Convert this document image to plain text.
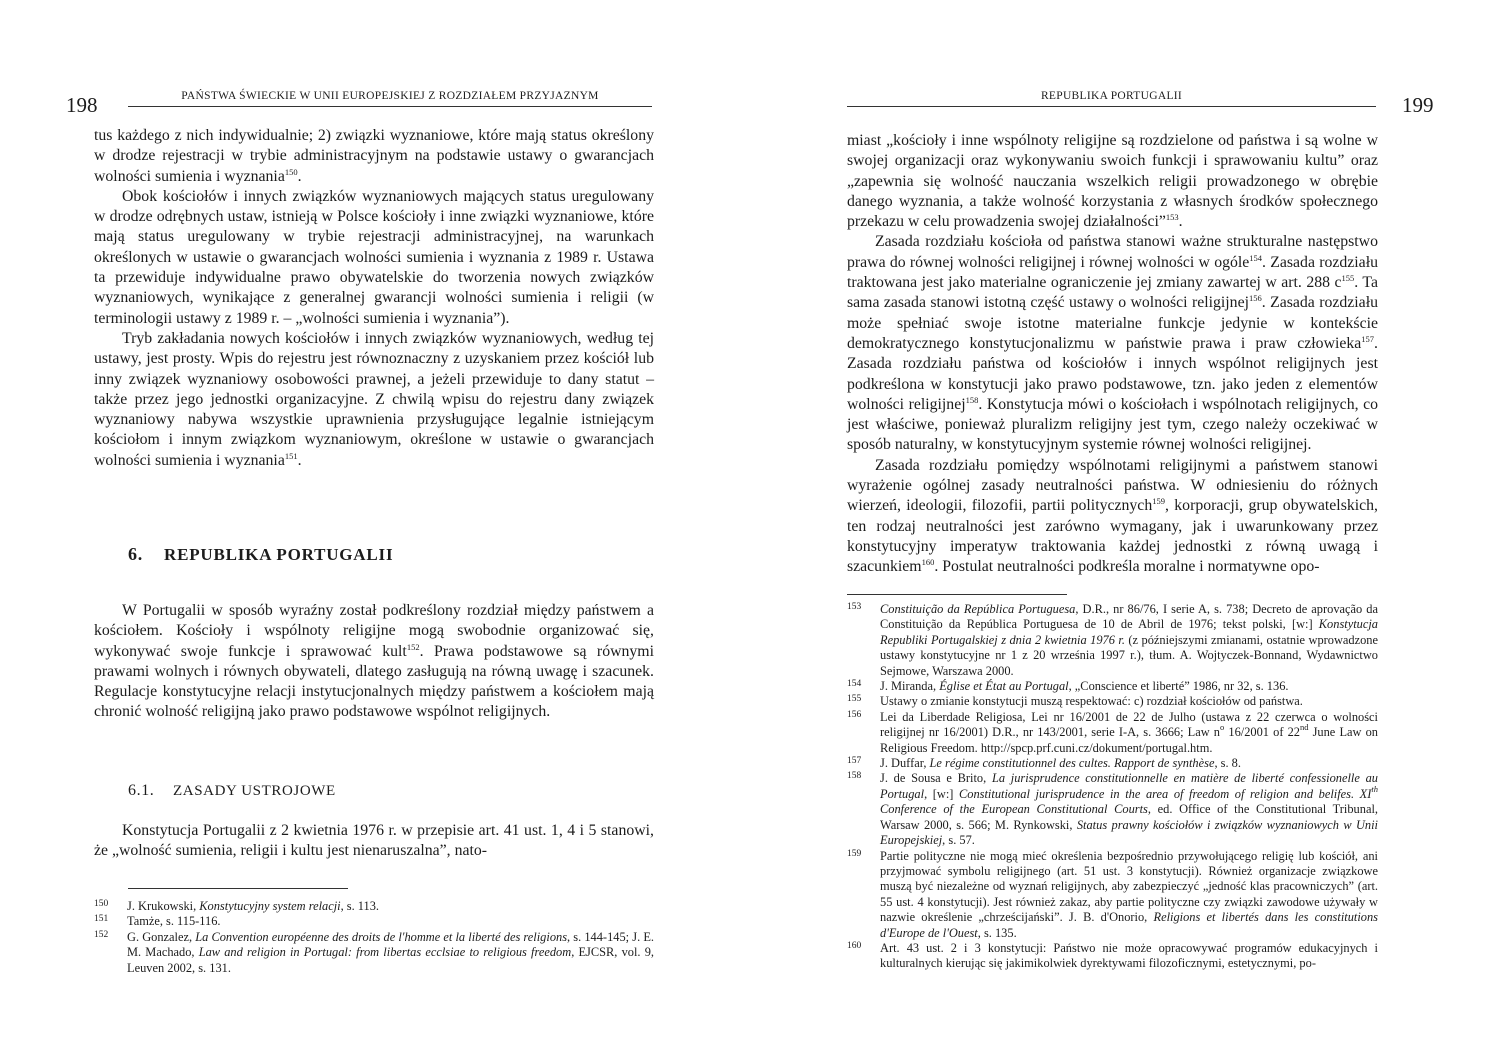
198	PAŃSTWA ŚWIECKIE W UNII EUROPEJSKIEJ Z ROZDZIAŁEM PRZYJAZNYM

tus każdego z nich indywidualnie; 2) związki wyznaniowe, które mają status określony w drodze rejestracji w trybie administracyjnym na podstawie ustawy o gwarancjach wolności sumienia i wyznania$^{150}$.

Obok kościołów i innych związków wyznaniowych mających status uregulowany w drodze odrębnych ustaw, istnieją w Polsce kościoły i inne związki wyznaniowe, które mają status uregulowany w trybie rejestracji administracyjnej, na warunkach określonych w ustawie o gwarancjach wolności sumienia i wyznania z 1989 r. Ustawa ta przewiduje indywidualne prawo obywatelskie do tworzenia nowych związków wyznaniowych, wynikające z generalnej gwarancji wolności sumienia i religii (w terminologii ustawy z 1989 r. – „wolności sumienia i wyznania”).

Tryb zakładania nowych kościołów i innych związków wyznaniowych, według tej ustawy, jest prosty. Wpis do rejestru jest równoznaczny z uzyskaniem przez kościół lub inny związek wyznaniowy osobowości prawnej, a jeżeli przewiduje to dany statut – także przez jego jednostki organizacyjne. Z chwilą wpisu do rejestru dany związek wyznaniowy nabywa wszystkie uprawnienia przysługujące legalnie istniejącym kościołom i innym związkom wyznaniowym, określone w ustawie o gwarancjach wolności sumienia i wyznania$^{151}$.

6. REPUBLIKA PORTUGALII

W Portugalii w sposób wyraźny został podkreślony rozdział między państwem a kościołem. Kościoły i wspólnoty religijne mogą swobodnie organizować się, wykonywać swoje funkcje i sprawować kult$^{152}$. Prawa podstawowe są równymi prawami wolnych i równych obywateli, dlatego zasługują na równą uwagę i szacunek. Regulacje konstytucyjne relacji instytucjonalnych między państwem a kościołem mają chronić wolność religijną jako prawo podstawowe wspólnot religijnych.

6.1. ZASADY USTROJOWE

Konstytucja Portugalii z 2 kwietnia 1976 r. w przepisie art. 41 ust. 1, 4 i 5 stanowi, że „wolność sumienia, religii i kultu jest nienaruszalna”, nato-

150 J. Krukowski, Konstytucyjny system relacji, s. 113.
151 Tamże, s. 115-116.
152 G. Gonzalez, La Convention européenne des droits de l'homme et la liberté des religions, s. 144-145; J. E. M. Machado, Law and religion in Portugal: from libertas ecclsiae to religious freedom, EJCSR, vol. 9, Leuven 2002, s. 131.
REPUBLIKA PORTUGALII	199

miast „kościoły i inne wspólnoty religijne są rozdzielone od państwa i są wolne w swojej organizacji oraz wykonywaniu swoich funkcji i sprawowaniu kultu” oraz „zapewnia się wolność nauczania wszelkich religii prowadzonego w obrębie danego wyznania, a także wolność korzystania z własnych środków społecznego przekazu w celu prowadzenia swojej działalności”$^{153}$.

Zasada rozdziału kościoła od państwa stanowi ważne strukturalne następstwo prawa do równej wolności religijnej i równej wolności w ogóle$^{154}$. Zasada rozdziału traktowana jest jako materialne ograniczenie jej zmiany zawartej w art. 288 $c^{155}$. Ta sama zasada stanowi istotną część ustawy o wolności religijnej$^{156}$. Zasada rozdziału może spełniać swoje istotne materialne funkcje jedynie w kontekście demokratycznego konstytucjonalizmu w państwie prawa i praw człowieka$^{157}$. Zasada rozdziału państwa od kościołów i innych wspólnot religijnych jest podkreślona w konstytucji jako prawo podstawowe, tzn. jako jeden z elementów wolności religijnej$^{158}$. Konstytucja mówi o kościołach i wspólnotach religijnych, co jest właściwe, ponieważ pluralizm religijny jest tym, czego należy oczekiwać w sposób naturalny, w konstytucyjnym systemie równej wolności religijnej.

Zasada rozdziału pomiędzy wspólnotami religijnymi a państwem stanowi wyrażenie ogólnej zasady neutralności państwa. W odniesieniu do różnych wierzeń, ideologii, filozofii, partii politycznych$^{159}$, korporacji, grup obywatelskich, ten rodzaj neutralności jest zarówno wymagany, jak i uwarunkowany przez konstytucyjny imperatyw traktowania każdej jednostki z równą uwagą i szacunkiem$^{160}$. Postulat neutralności podkreśla moralne i normatywne opo-

153 Constituição da República Portuguesa, D.R., nr 86/76, I serie A, s. 738; Decreto de aprovação da Constituição da República Portuguesa de 10 de Abril de 1976; tekst polski, [w:] Konstytucja Republiki Portugalskiej z dnia 2 kwietnia 1976 r. (z późniejszymi zmianami, ostatnie wprowadzone ustawy konstytucyjne nr 1 z 20 września 1997 r.), tłum. A. Wojtyczek-Bonnand, Wydawnictwo Sejmowe, Warszawa 2000.
154 J. Miranda, Église et État au Portugal, „Conscience et liberté” 1986, nr 32, s. 136.
155 Ustawy o zmianie konstytucji muszą respektować: c) rozdział kościołów od państwa.
156 Lei da Liberdade Religiosa, Lei nr 16/2001 de 22 de Julho (ustawa z 22 czerwca o wolności religijnej nr 16/2001) D.R., nr 143/2001, serie I-A, s. 3666; Law $n^o$ 16/2001 of 22nd June Law on Religious Freedom. http://spcp.prf.cuni.cz/dokument/portugal.htm.
157 J. Duffar, Le régime constitutionnel des cultes. Rapport de synthèse, s. 8.
158 J. de Sousa e Brito, La jurisprudence constitutionnelle en matière de liberté confessionelle au Portugal, [w:] Constitutional jurisprudence in the area of freedom of religion and belifes. XIth Conference of the European Constitutional Courts, ed. Office of the Constitutional Tribunal, Warsaw 2000, s. 566; M. Rynkowski, Status prawny kościołów i związków wyznaniowych w Unii Europejskiej, s. 57.
159 Partie polityczne nie mogą mieć określenia bezpośrednio przywołującego religię lub kościół, ani przyjmować symbolu religijnego (art. 51 ust. 3 konstytucji). Również organizacje związkowe muszą być niezależne od wyznań religijnych, aby zabezpieczyć „jedność klas pracowniczych” (art. 55 ust. 4 konstytucji). Jest również zakaz, aby partie polityczne czy związki zawodowe używały w nazwie określenie „chrześcijański”. J. B. d'Onorio, Religions et libertés dans les constitutions d'Europe de l'Ouest, s. 135.
160 Art. 43 ust. 2 i 3 konstytucji: Państwo nie może opracowywać programów edukacyjnych i kulturalnych kierując się jakimikolwiek dyrektywami filozoficznymi, estetycznymi, po-
